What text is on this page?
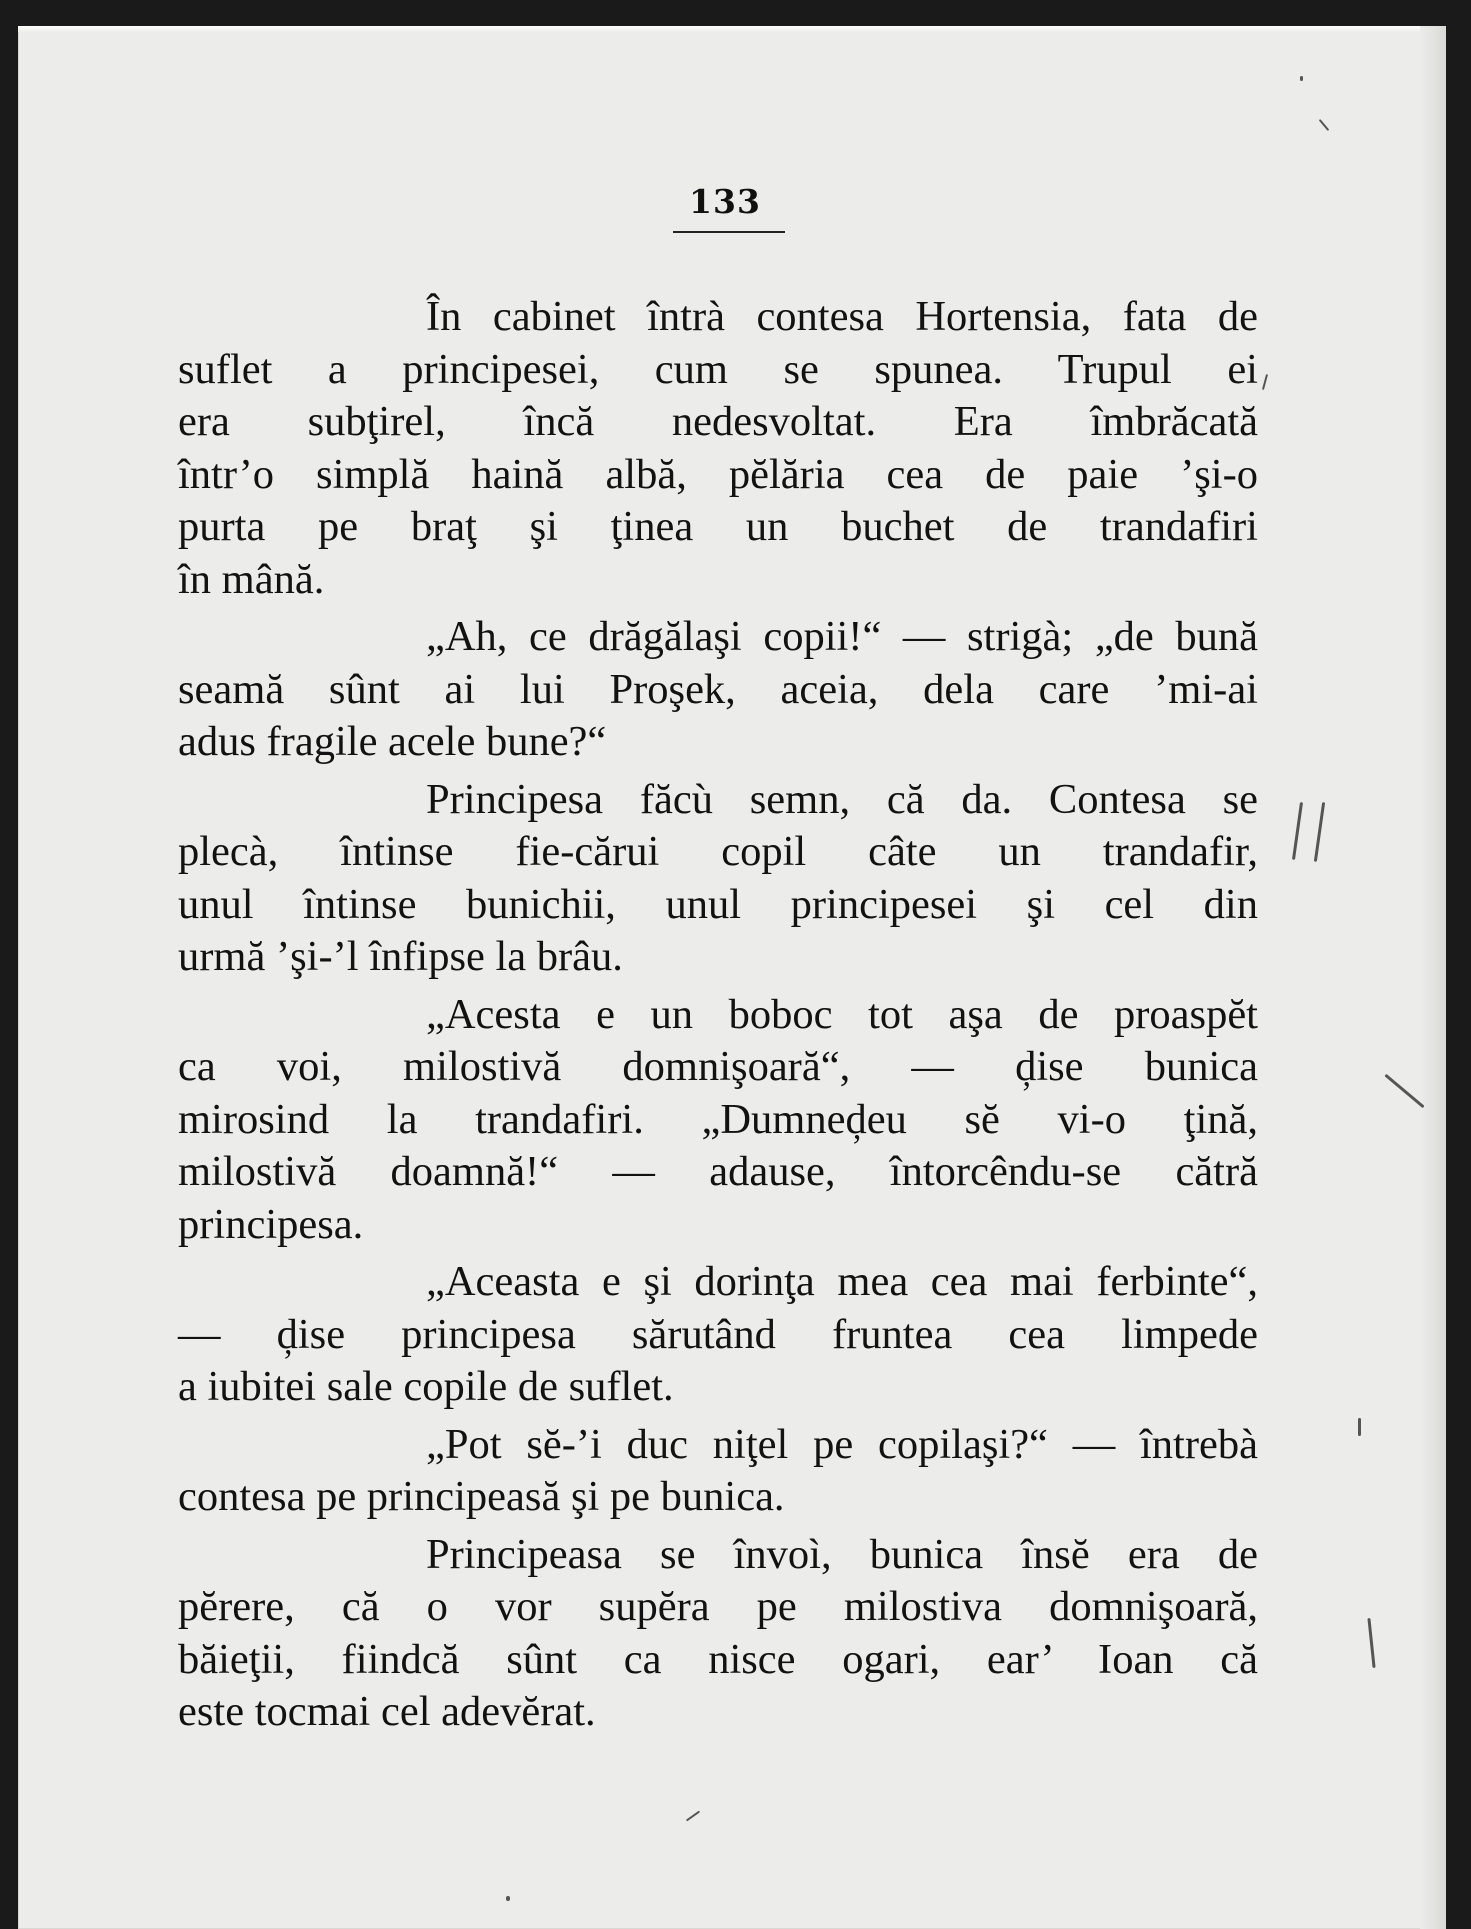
133
În cabinet întrà contesa Hortensia, fata de
suflet a principesei, cum se spunea. Trupul ei
era subţirel, încă nedesvoltat. Era îmbrăcată
într’o simplă haină albă, pĕlăria cea de paie ’şi-o
purta pe braţ şi ţinea un buchet de trandafiri
în mână.
„Ah, ce drăgălaşi copii!“ — strigà; „de bună
seamă sûnt ai lui Proşek, aceia, dela care ’mi-ai
adus fragile acele bune?“
Principesa făcù semn, că da. Contesa se
plecà, întinse fie-cărui copil câte un trandafir,
unul întinse bunichii, unul principesei şi cel din
urmă ’şi-’l înfipse la brâu.
„Acesta e un boboc tot aşa de proaspĕt
ca voi, milostivă domnişoară“, — ḑise bunica
mirosind la trandafiri. „Dumneḑeu sĕ vi-o ţină,
milostivă doamnă!“ — adause, întorcêndu-se cătră
principesa.
„Aceasta e şi dorinţa mea cea mai ferbinte“,
— ḑise principesa sărutând fruntea cea limpede
a iubitei sale copile de suflet.
„Pot sĕ-’i duc niţel pe copilaşi?“ — întrebà
contesa pe principeasă şi pe bunica.
Principeasa se învoì, bunica însĕ era de
pĕrere, că o vor supĕra pe milostiva domnişoară,
băieţii, fiindcă sûnt ca nisce ogari, ear’ Ioan că
este tocmai cel adevĕrat.
